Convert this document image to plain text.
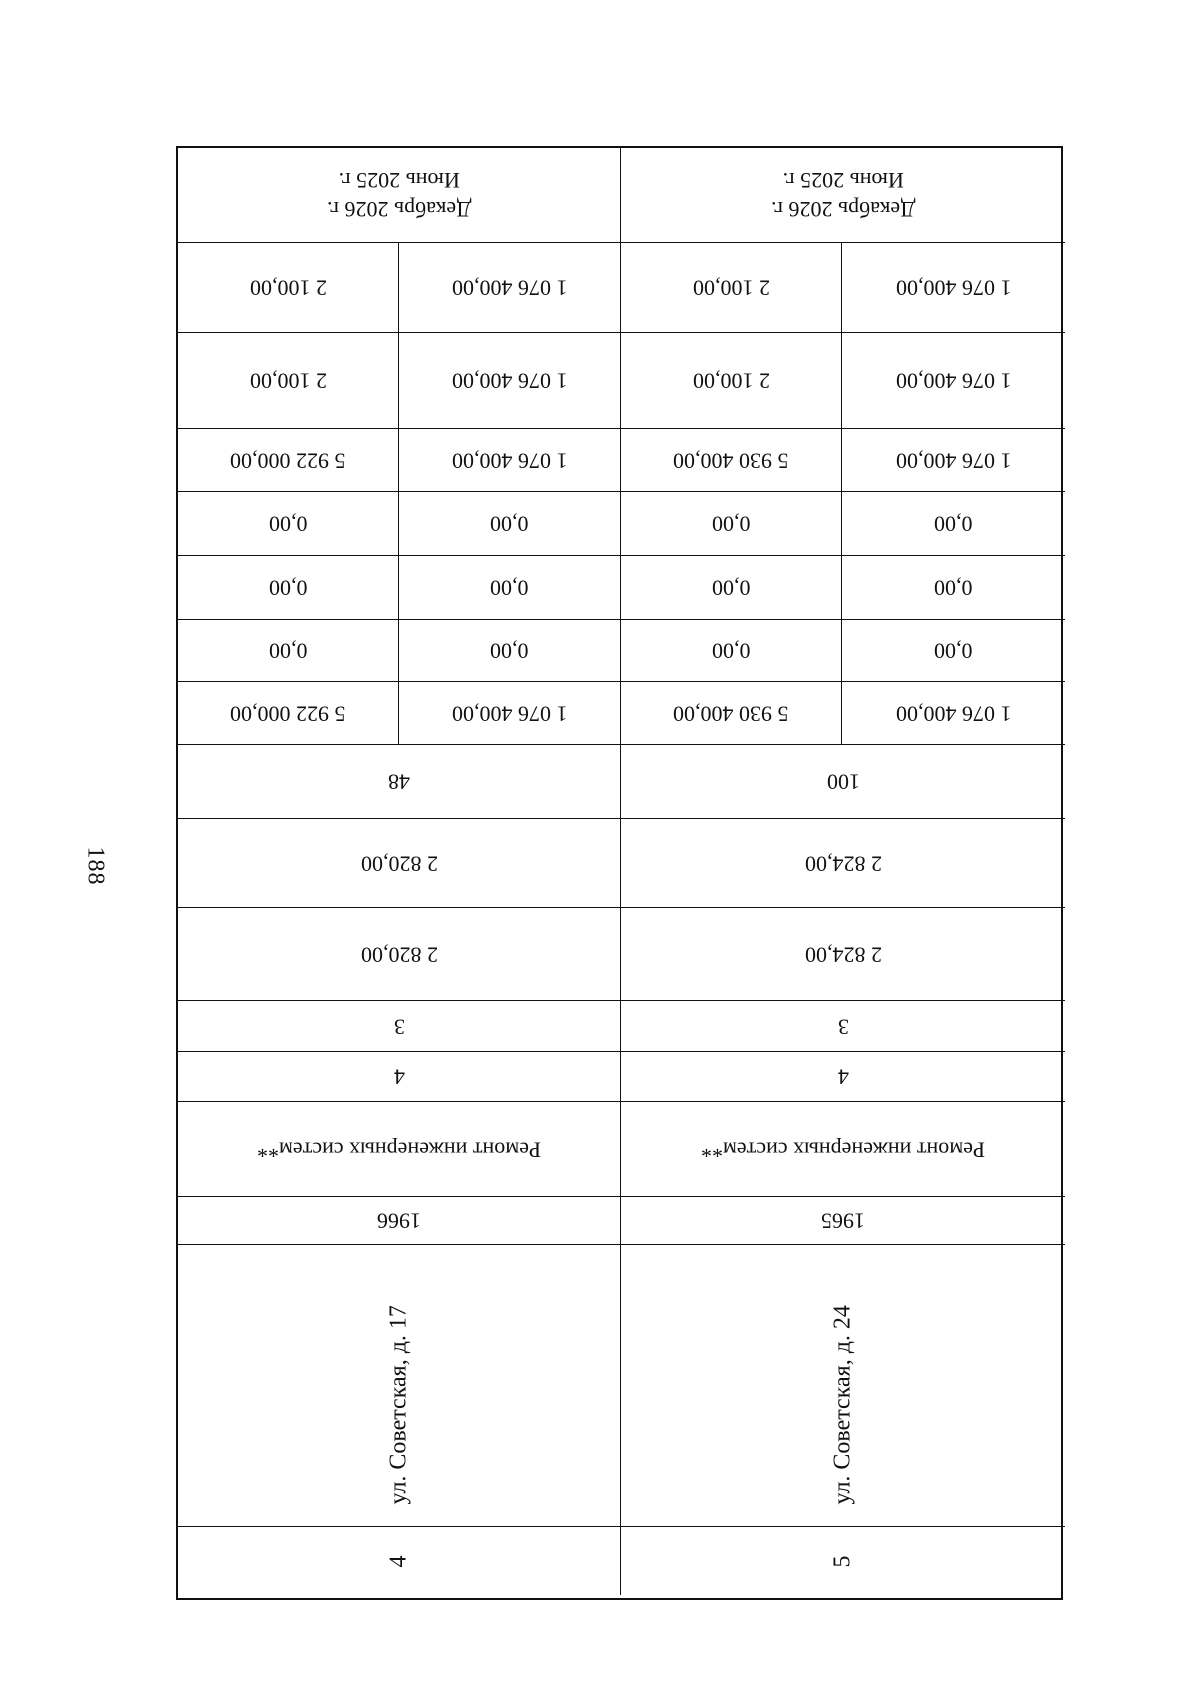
188
Декабрь 2026 г.
Июнь 2025 г.
Декабрь 2026 г.
Июнь 2025 г.
2 100,00	1 076 400,00	2 100,00	1 076 400,00
2 100,00	1 076 400,00	2 100,00	1 076 400,00
5 922 000,00	1 076 400,00	5 930 400,00	1 076 400,00
0,00	0,00	0,00	0,00
0,00	0,00	0,00	0,00
0,00	0,00	0,00	0,00
5 922 000,00	1 076 400,00	5 930 400,00	1 076 400,00
48	100
2 820,00	2 824,00
2 820,00	2 824,00
3	3
4	4
Ремонт инженерных систем**	Ремонт инженерных систем**
1966	1965
ул. Советская, д. 17	ул. Советская, д. 24
4	5
